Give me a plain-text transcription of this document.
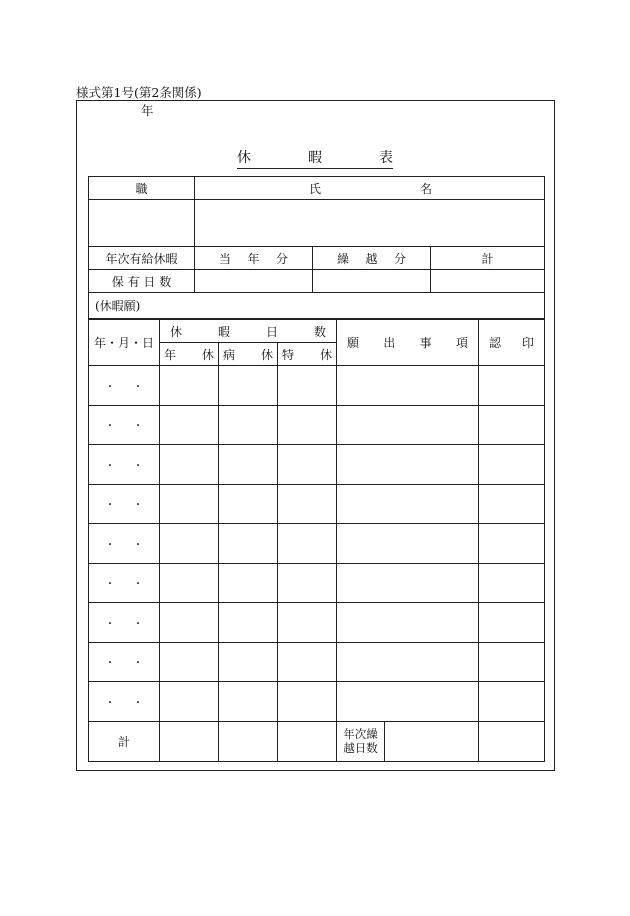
様式第1号(第2条関係)
年
休	暇	表
職	氏 名		

年次有給休暇	当 年 分	繰 越 分	計
保 有 日 数			
(休暇願)			
年・月・日	休 暇 日 数			願 出 事 項	認 印

	年 休	病 休	特 休		

・ ・					

・ ・					

・ ・					

・ ・					

・ ・					

・ ・					

・ ・					

・ ・					

・ ・					

計				年次繰
越日数	
